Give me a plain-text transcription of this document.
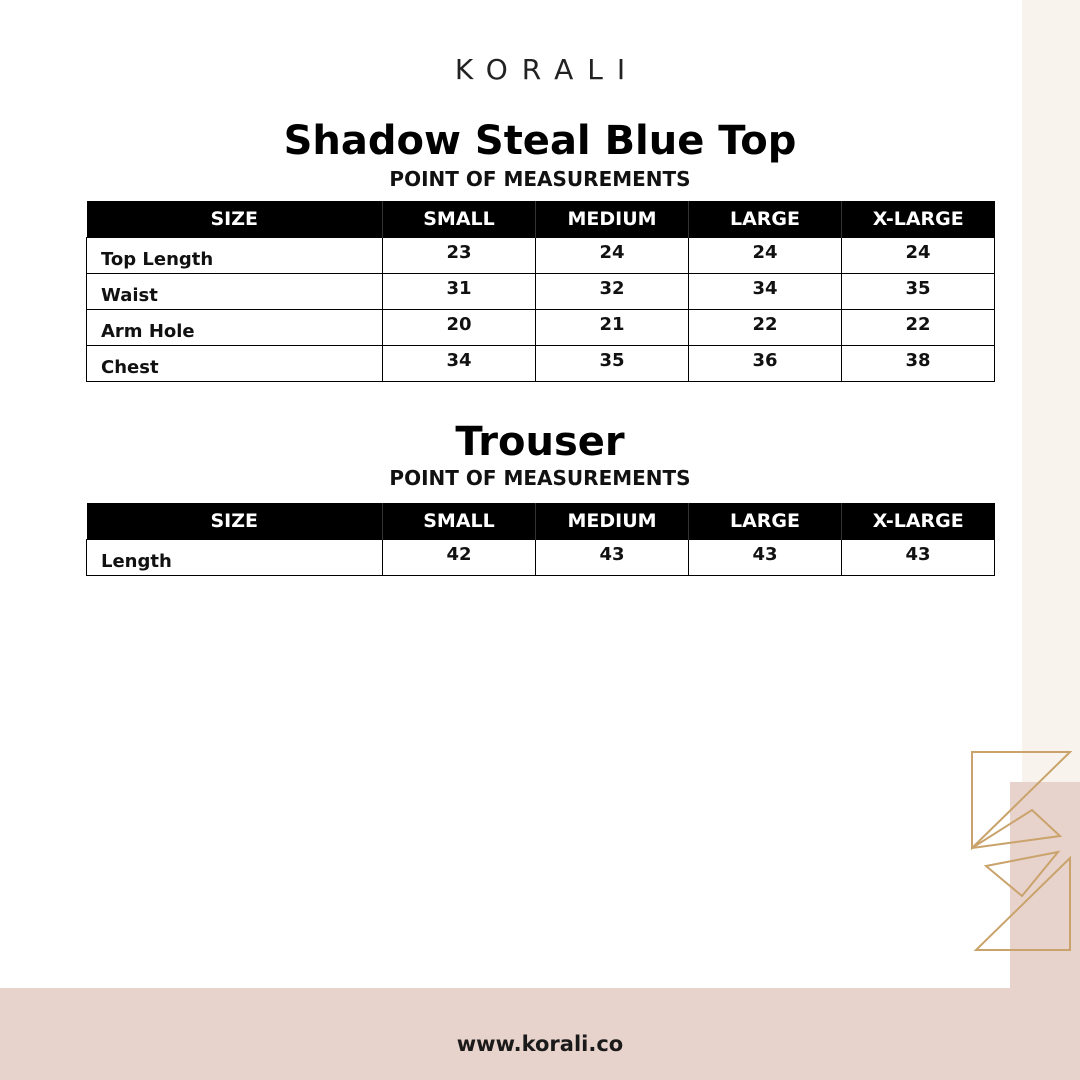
KORALI
Shadow Steal Blue Top
POINT OF MEASUREMENTS
SIZE	SMALL	MEDIUM	LARGE	X-LARGE
Top Length	23	24	24	24
Waist	31	32	34	35
Arm Hole	20	21	22	22
Chest	34	35	36	38
Trouser
POINT OF MEASUREMENTS
SIZE	SMALL	MEDIUM	LARGE	X-LARGE
Length	42	43	43	43
www.korali.co
